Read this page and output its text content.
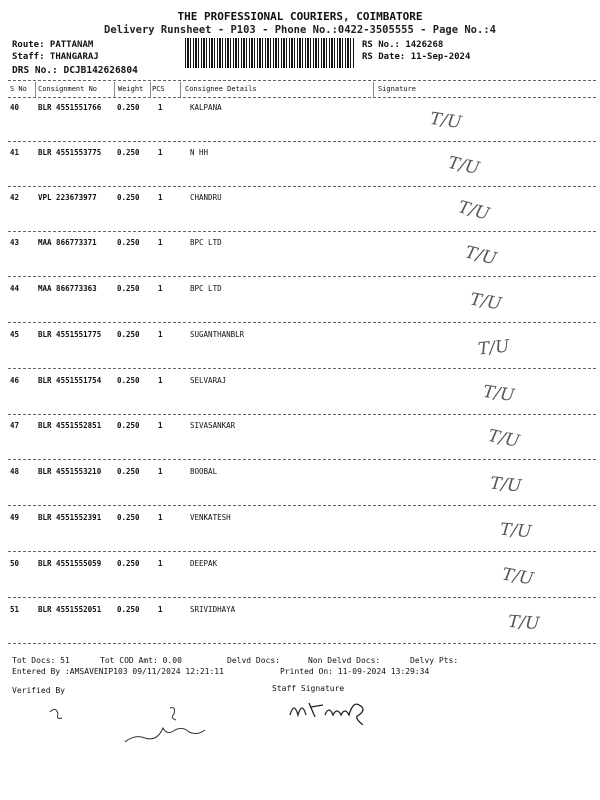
THE PROFESSIONAL COURIERS, COIMBATORE
Delivery Runsheet - P103 - Phone No.:0422-3505555 - Page No.:4
Route: PATTANAM
Staff: THANGARAJ
DRS No.: DCJB142626804
RS No.: 1426268
RS Date: 11-Sep-2024
S No Consignment No	Weight PCS	Consignee Details	Signature
40	BLR 4551551766 0.250 1	KALPANA
T/U
41	BLR 4551553775 0.250 1	N HH
T/U
42	VPL 223673977	0.250 1	CHANDRU	T/U
43	MAA 866773371	0.250 1	BPC LTD	T/U
44	MAA 866773363	0.250 1	BPC LTD
T/U
45	BLR 4551551775 0.250 1	SUGANTHANBLR
T/U
46	BLR 4551551754 0.250 1	SELVARAJ
T/U
47	BLR 4551552851 0.250 1	SIVASANKAR
T/U
48	BLR 4551553210 0.250 1	BOOBAL
T/U
49	BLR 4551552391 0.250 1	VENKATESH
T/U
50	BLR 4551555059 0.250 1	DEEPAK
T/U
51	BLR 4551552051 0.250 1	SRIVIDHAYA
T/U
Tot Docs: 51	Tot COD Amt: 0.00	Delvd Docs:	Non Delvd Docs:	Delvy Pts:
Entered By :AMSAVENIP103 09/11/2024 12:21:11	Printed On: 11-09-2024 13:29:34
Verified By	Staff Signature
